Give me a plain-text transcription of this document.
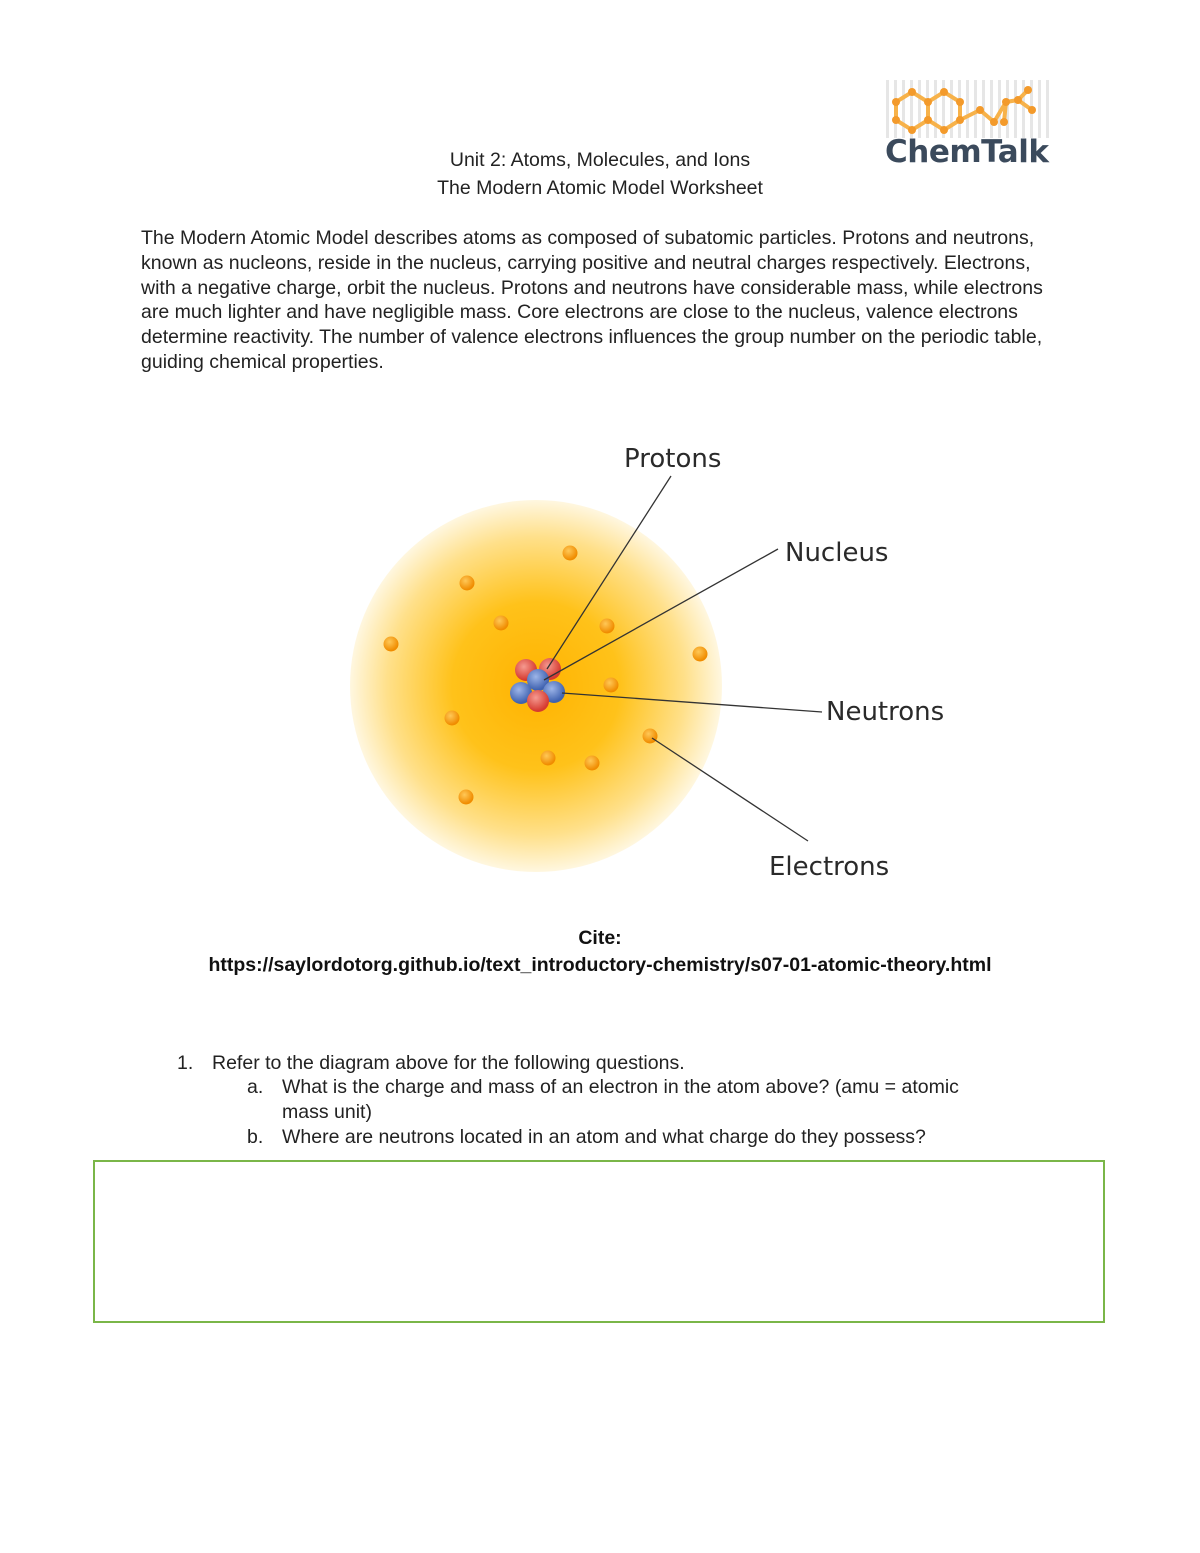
ChemTalk
Unit 2: Atoms, Molecules, and Ions
The Modern Atomic Model Worksheet

The Modern Atomic Model describes atoms as composed of subatomic particles. Protons and neutrons, known as nucleons, reside in the nucleus, carrying positive and neutral charges respectively. Electrons, with a negative charge, orbit the nucleus. Protons and neutrons have considerable mass, while electrons are much lighter and have negligible mass. Core electrons are close to the nucleus, valence electrons determine reactivity. The number of valence electrons influences the group number on the periodic table, guiding chemical properties.

Protons
Nucleus
Neutrons
Electrons
Cite:
https://saylordotorg.github.io/text_introductory-chemistry/s07-01-atomic-theory.html
1. Refer to the diagram above for the following questions.
a. What is the charge and mass of an electron in the atom above? (amu = atomic
mass unit)
b. Where are neutrons located in an atom and what charge do they possess?
